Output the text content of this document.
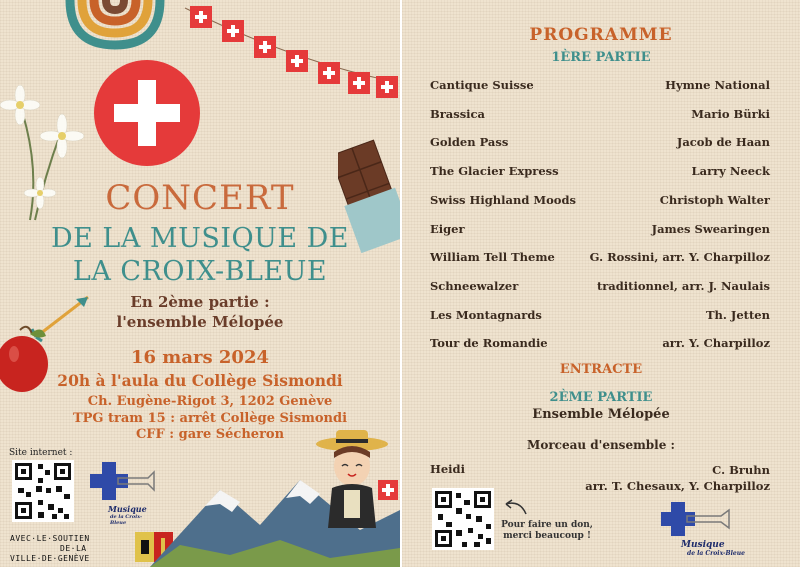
CONCERT
DE LA MUSIQUE DE
LA CROIX-BLEUE
En 2ème partie :
l'ensemble Mélopée
16 mars 2024
20h à l'aula du Collège Sismondi
Ch. Eugène-Rigot 3, 1202 Genève
TPG tram 15 : arrêt Collège Sismondi
CFF : gare Sécheron
Site internet :
Musique
de la Croix-Bleue
AVEC·LE·SOUTIEN
DE·LA
VILLE·DE·GENÈVE
PROGRAMME
1ÈRE PARTIE
Cantique Suisse	Hymne National
Brassica	Mario Bürki
Golden Pass	Jacob de Haan
The Glacier Express	Larry Neeck
Swiss Highland Moods	Christoph Walter
Eiger	James Swearingen
William Tell Theme	G. Rossini, arr. Y. Charpilloz
Schneewalzer	traditionnel, arr. J. Naulais
Les Montagnards	Th. Jetten
Tour de Romandie	arr. Y. Charpilloz
ENTRACTE
2ÈME PARTIE
Ensemble Mélopée
Morceau d'ensemble :
Heidi	C. Bruhn
arr. T. Chesaux, Y. Charpilloz
Pour faire un don,
merci beaucoup !
Musique
de la Croix-Bleue
